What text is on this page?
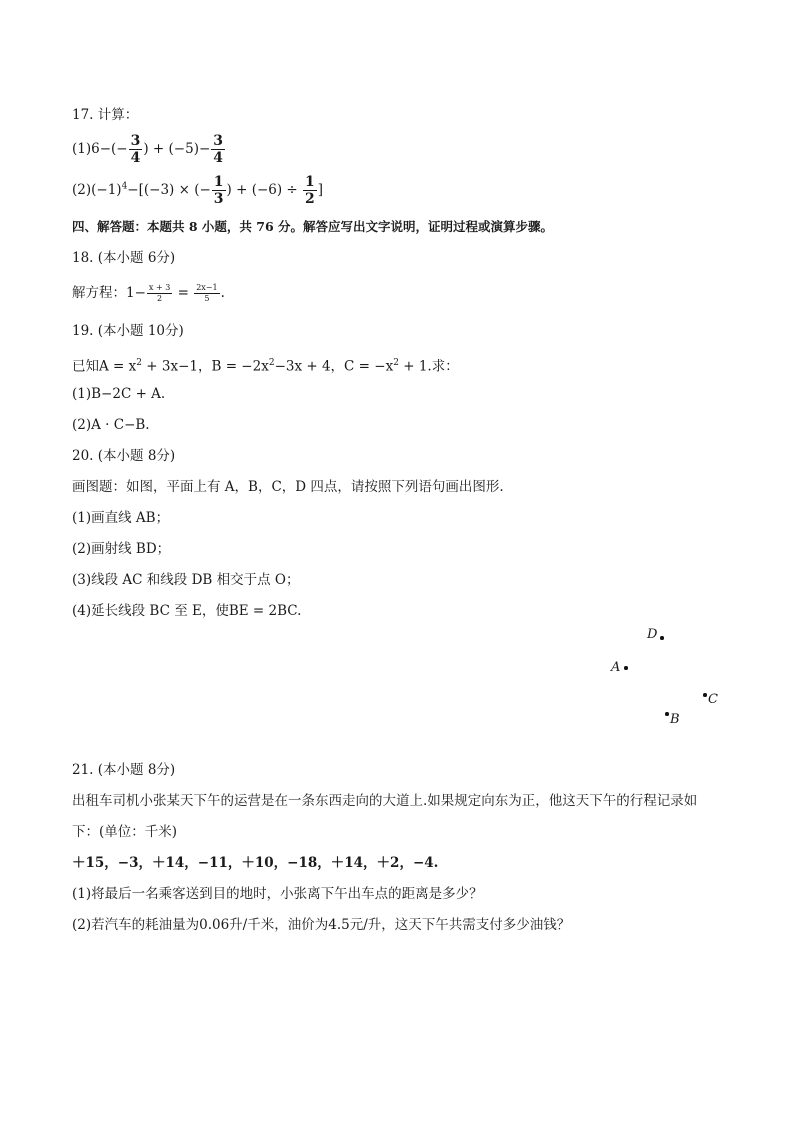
17. 计算：
$(1)6-(- \frac{3}{4}$ ) + $(-5)- \frac{3}{4}$
$(2)(-1)^4-[(-3)$ × (− $\frac{1}{3}$ ) + $(-6) \div \frac{1}{2}$ ]
四、解答题：本题共 8 小题，共 76 分。解答应写出文字说明，证明过程或演算步骤。
18. (本小题 6分)
解方程：$1- \frac{x + 3}{2} = \frac{2x-1}{5}$ .
19. (本小题 10分)
已知$A = x^2 + 3x-1$，$B = -2x^2-3x + 4$，$C = -x^2 + 1$.求：
(1)B−2C + A.
(2)A · C−B.
20. (本小题 8分)
画图题：如图，平面上有 A，B，C，D 四点，请按照下列语句画出图形.
(1)画直线 AB；
(2)画射线 BD；
(3)线段 AC 和线段 DB 相交于点 O；
(4)延长线段 BC 至 E，使BE = 2BC.
D
A
C
B
21. (本小题 8分)
出租车司机小张某天下午的运营是在一条东西走向的大道上.如果规定向东为正，他这天下午的行程记录如
下：(单位：千米)
＋15，−3，＋14，−11，＋10，−18，＋14，＋2，−4.
(1)将最后一名乘客送到目的地时，小张离下午出车点的距离是多少？
(2)若汽车的耗油量为0.06升/千米，油价为4.5元/升，这天下午共需支付多少油钱？
